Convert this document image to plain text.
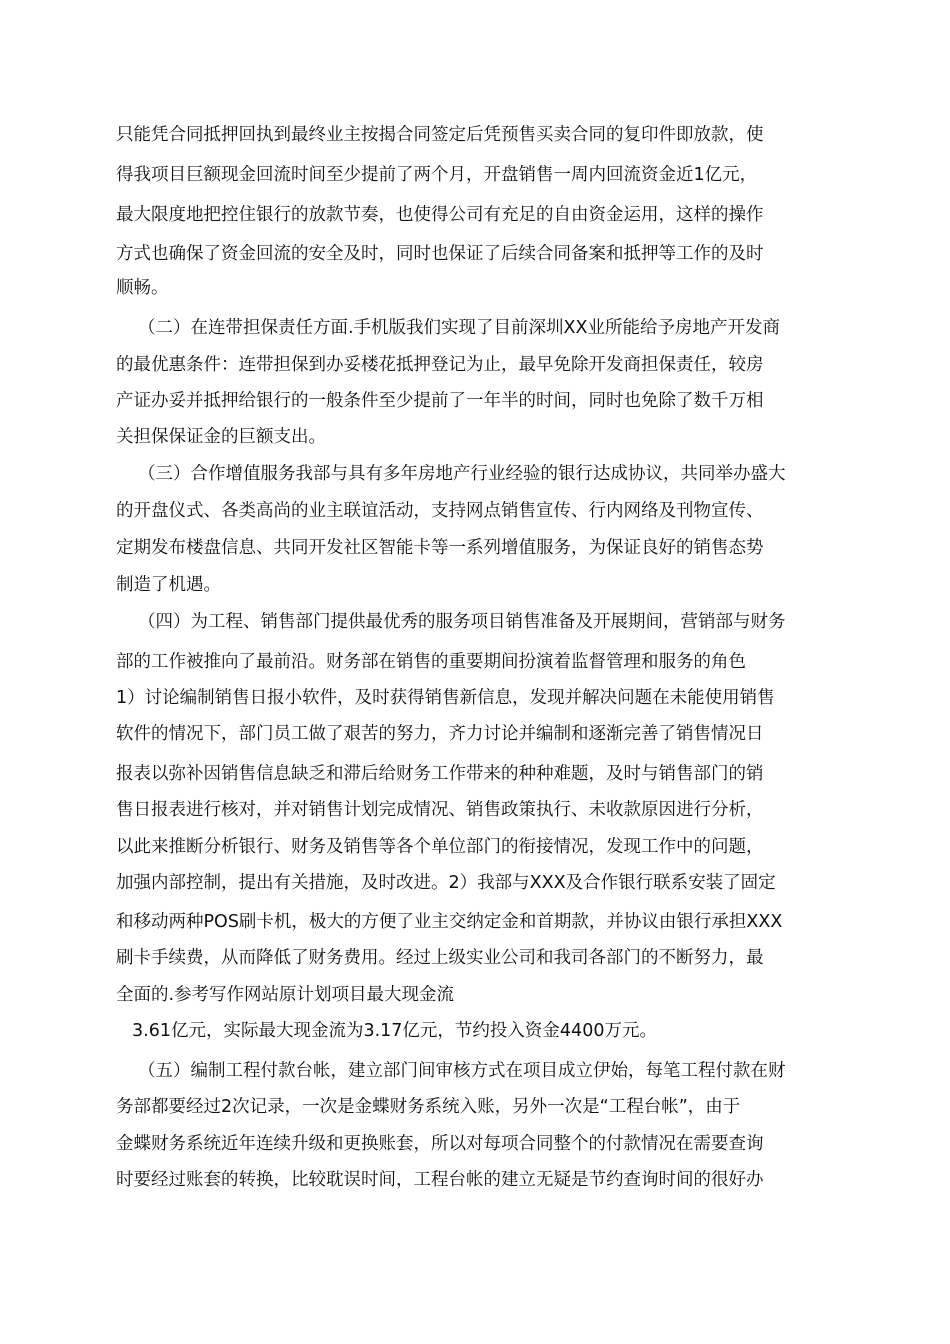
只能凭合同抵押回执到最终业主按揭合同签定后凭预售买卖合同的复印件即放款，使

得我项目巨额现金回流时间至少提前了两个月，开盘销售一周内回流资金近1亿元，

最大限度地把控住银行的放款节奏，也使得公司有充足的自由资金运用，这样的操作

方式也确保了资金回流的安全及时，同时也保证了后续合同备案和抵押等工作的及时

顺畅。

（二）在连带担保责任方面.手机版我们实现了目前深圳XX业所能给予房地产开发商

的最优惠条件：连带担保到办妥楼花抵押登记为止，最早免除开发商担保责任，较房

产证办妥并抵押给银行的一般条件至少提前了一年半的时间，同时也免除了数千万相

关担保保证金的巨额支出。

（三）合作增值服务我部与具有多年房地产行业经验的银行达成协议，共同举办盛大

的开盘仪式、各类高尚的业主联谊活动，支持网点销售宣传、行内网络及刊物宣传、

定期发布楼盘信息、共同开发社区智能卡等一系列增值服务，为保证良好的销售态势

制造了机遇。

（四）为工程、销售部门提供最优秀的服务项目销售准备及开展期间，营销部与财务

部的工作被推向了最前沿。财务部在销售的重要期间扮演着监督管理和服务的角色

1）讨论编制销售日报小软件，及时获得销售新信息，发现并解决问题在未能使用销售

软件的情况下，部门员工做了艰苦的努力，齐力讨论并编制和逐渐完善了销售情况日

报表以弥补因销售信息缺乏和滞后给财务工作带来的种种难题，及时与销售部门的销

售日报表进行核对，并对销售计划完成情况、销售政策执行、未收款原因进行分析，

以此来推断分析银行、财务及销售等各个单位部门的衔接情况，发现工作中的问题，

加强内部控制，提出有关措施，及时改进。2）我部与XXX及合作银行联系安装了固定

和移动两种POS刷卡机，极大的方便了业主交纳定金和首期款，并协议由银行承担XXX

刷卡手续费，从而降低了财务费用。经过上级实业公司和我司各部门的不断努力，最

全面的.参考写作网站原计划项目最大现金流

3.61亿元，实际最大现金流为3.17亿元，节约投入资金4400万元。

（五）编制工程付款台帐，建立部门间审核方式在项目成立伊始，每笔工程付款在财

务部都要经过2次记录，一次是金蝶财务系统入账，另外一次是“工程台帐”，由于

金蝶财务系统近年连续升级和更换账套，所以对每项合同整个的付款情况在需要查询

时要经过账套的转换，比较耽误时间，工程台帐的建立无疑是节约查询时间的很好办
